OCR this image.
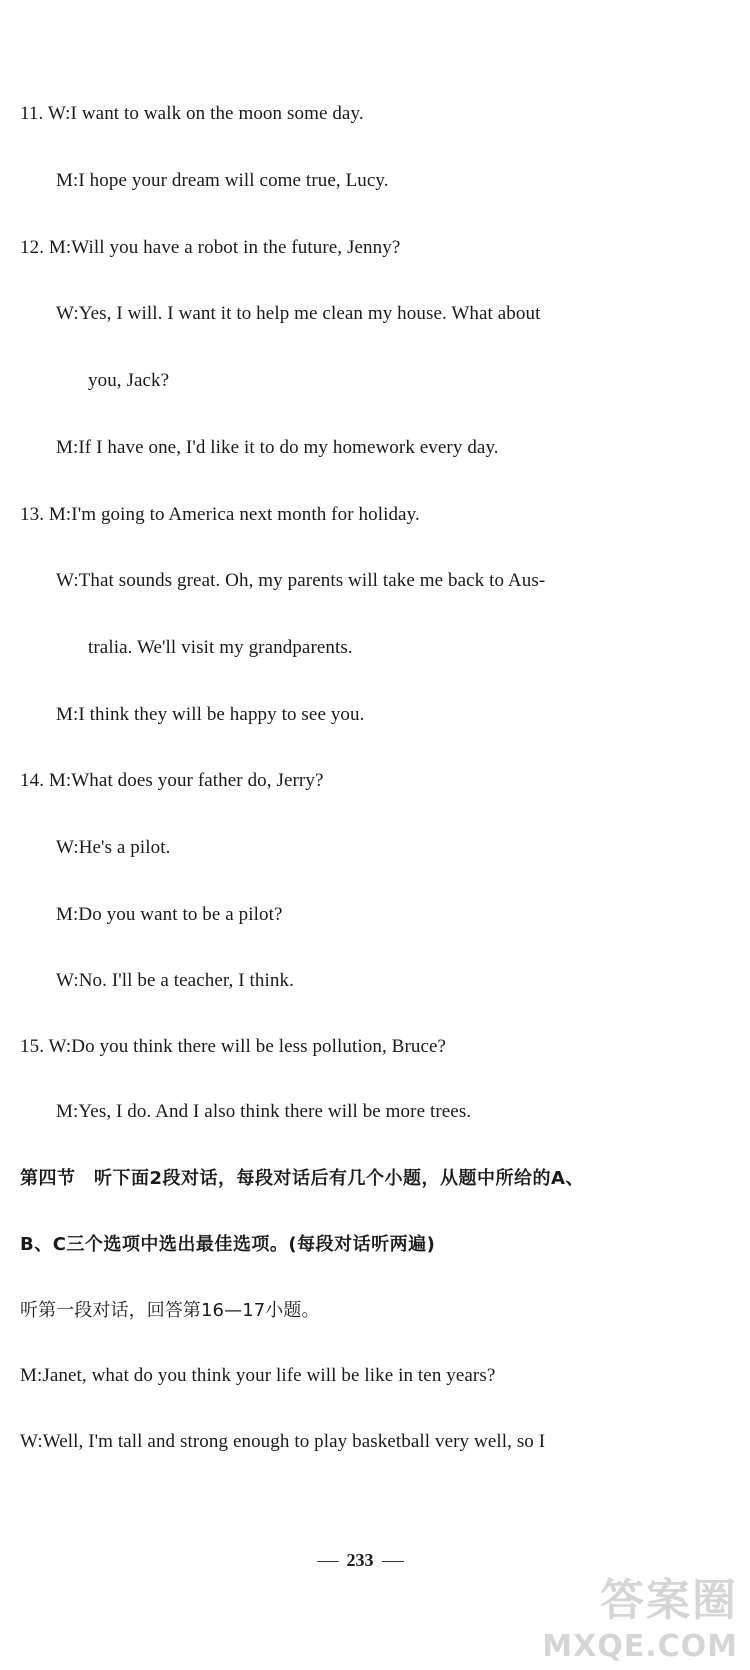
11. W:I want to walk on the moon some day.
M:I hope your dream will come true, Lucy.
12. M:Will you have a robot in the future, Jenny?
W:Yes, I will. I want it to help me clean my house. What about
you, Jack?
M:If I have one, I'd like it to do my homework every day.
13. M:I'm going to America next month for holiday.
W:That sounds great. Oh, my parents will take me back to Aus-
tralia. We'll visit my grandparents.
M:I think they will be happy to see you.
14. M:What does your father do, Jerry?
W:He's a pilot.
M:Do you want to be a pilot?
W:No. I'll be a teacher, I think.
15. W:Do you think there will be less pollution, Bruce?
M:Yes, I do. And I also think there will be more trees.
第四节　听下面2段对话，每段对话后有几个小题，从题中所给的A、
B、C三个选项中选出最佳选项。(每段对话听两遍)
听第一段对话，回答第16—17小题。
M:Janet, what do you think your life will be like in ten years?
W:Well, I'm tall and strong enough to play basketball very well, so I
233
答案圈
MXQE.COM
